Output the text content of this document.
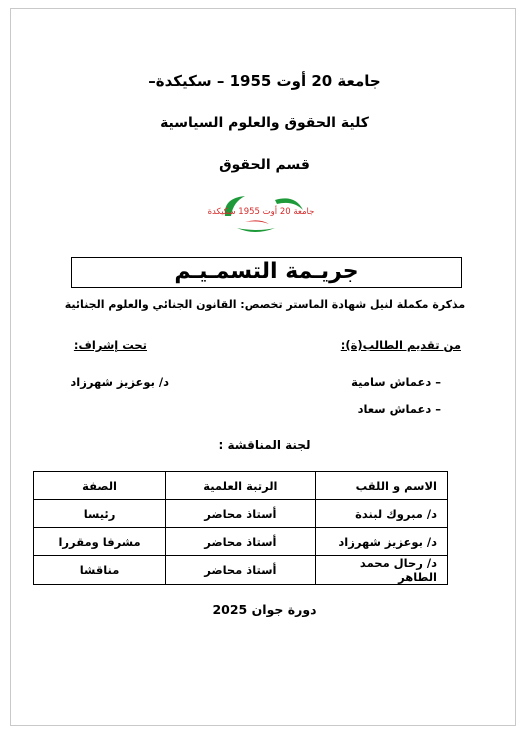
جامعة 20 أوت 1955 – سكيكدة–
كلية الحقوق والعلوم السياسية
قسم الحقوق
جامعة 20 أوت 1955 سكيكدة
جريـمة التسمـيـم
مذكرة مكملة لنيل شهادة الماستر تخصص: القانون الجنائي والعلوم الجنائية
من تقديم الطالب(ة):
تحت إشراف:
– دعماش سامية
– دعماش سعاد
د/ بوعزيز شهرزاد
لجنة المناقشة :
الاسم و اللقب	الرتبة العلمية	الصفة
د/ مبروك لبندة	أستاذ محاضر	رئيسا
د/ بوعزيز شهرزاد	أستاذ محاضر	مشرفا ومقررا
د/ رحال محمد الطاهر	أستاذ محاضر	مناقشا
دورة جوان 2025
